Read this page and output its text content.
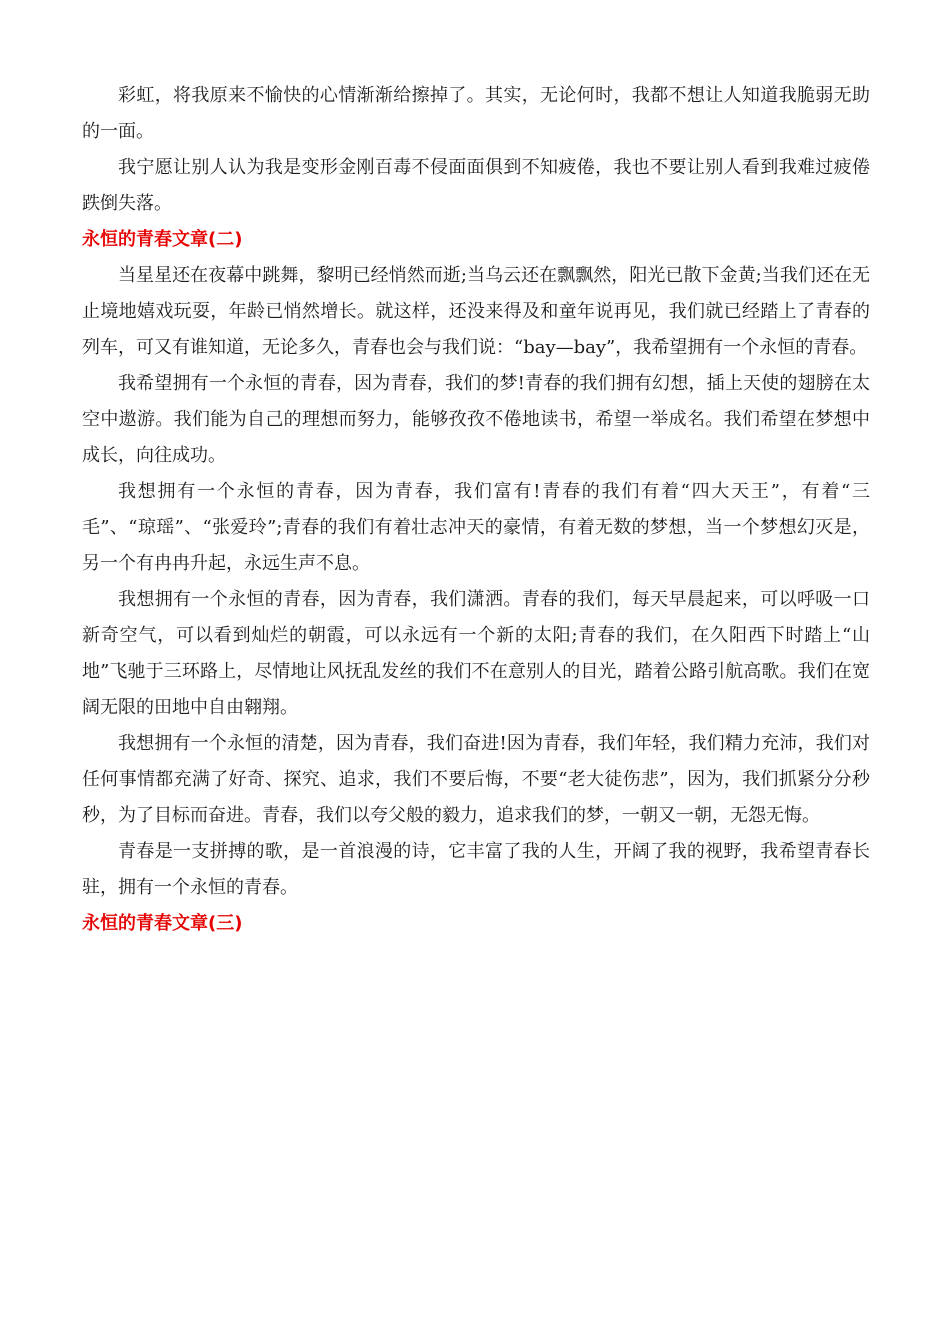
彩虹，将我原来不愉快的心情渐渐给擦掉了。其实，无论何时，我都不想让人知道我脆弱无助的一面。

我宁愿让别人认为我是变形金刚百毒不侵面面俱到不知疲倦，我也不要让别人看到我难过疲倦跌倒失落。

永恒的青春文章(二)

当星星还在夜幕中跳舞，黎明已经悄然而逝;当乌云还在飘飘然，阳光已散下金黄;当我们还在无止境地嬉戏玩耍，年龄已悄然增长。就这样，还没来得及和童年说再见，我们就已经踏上了青春的列车，可又有谁知道，无论多久，青春也会与我们说：“bay—bay”，我希望拥有一个永恒的青春。

我希望拥有一个永恒的青春，因为青春，我们的梦!青春的我们拥有幻想，插上天使的翅膀在太空中遨游。我们能为自己的理想而努力，能够孜孜不倦地读书，希望一举成名。我们希望在梦想中成长，向往成功。

我想拥有一个永恒的青春，因为青春，我们富有!青春的我们有着“四大天王”，有着“三毛”、“琼瑶”、“张爱玲”;青春的我们有着壮志冲天的豪情，有着无数的梦想，当一个梦想幻灭是，另一个有冉冉升起，永远生声不息。

我想拥有一个永恒的青春，因为青春，我们潇洒。青春的我们，每天早晨起来，可以呼吸一口新奇空气，可以看到灿烂的朝霞，可以永远有一个新的太阳;青春的我们，在久阳西下时踏上“山地”飞驰于三环路上，尽情地让风抚乱发丝的我们不在意别人的目光，踏着公路引航高歌。我们在宽阔无限的田地中自由翱翔。

我想拥有一个永恒的清楚，因为青春，我们奋进!因为青春，我们年轻，我们精力充沛，我们对任何事情都充满了好奇、探究、追求，我们不要后悔，不要“老大徒伤悲”，因为，我们抓紧分分秒秒，为了目标而奋进。青春，我们以夸父般的毅力，追求我们的梦，一朝又一朝，无怨无悔。

青春是一支拼搏的歌，是一首浪漫的诗，它丰富了我的人生，开阔了我的视野，我希望青春长驻，拥有一个永恒的青春。

永恒的青春文章(三)
